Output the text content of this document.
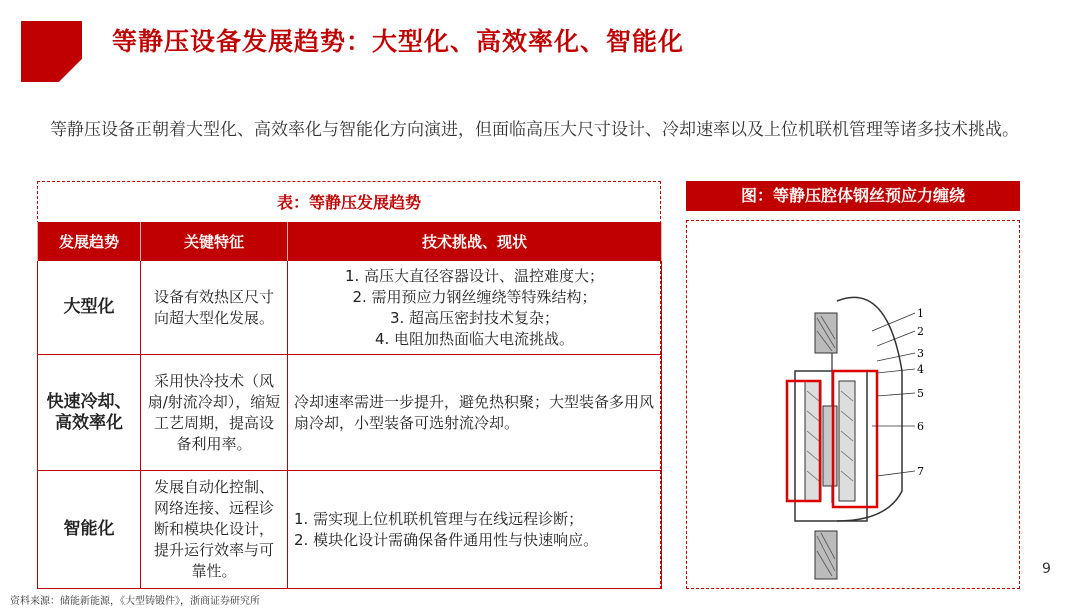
等静压设备发展趋势：大型化、高效率化、智能化
等静压设备正朝着大型化、高效率化与智能化方向演进，但面临高压大尺寸设计、冷却速率以及上位机联机管理等诸多技术挑战。
表：等静压发展趋势
发展趋势	关键特征	技术挑战、现状
大型化	设备有效热区尺寸向超大型化发展。	1. 高压大直径容器设计、温控难度大；
2. 需用预应力钢丝缠绕等特殊结构；
3. 超高压密封技术复杂；
4. 电阻加热面临大电流挑战。

快速冷却、高效率化	采用快冷技术（风扇/射流冷却），缩短工艺周期，提高设备利用率。	冷却速率需进一步提升，避免热积聚；大型装备多用风扇冷却，小型装备可选射流冷却。

智能化	发展自动化控制、网络连接、远程诊断和模块化设计，提升运行效率与可靠性。	1. 需实现上位机联机管理与在线远程诊断；
2. 模块化设计需确保备件通用性与快速响应。
图：等静压腔体钢丝预应力缠绕
1
2
3
4
5
6
7
9
资料来源：储能新能源，《大型铸锻件》，浙商证券研究所
